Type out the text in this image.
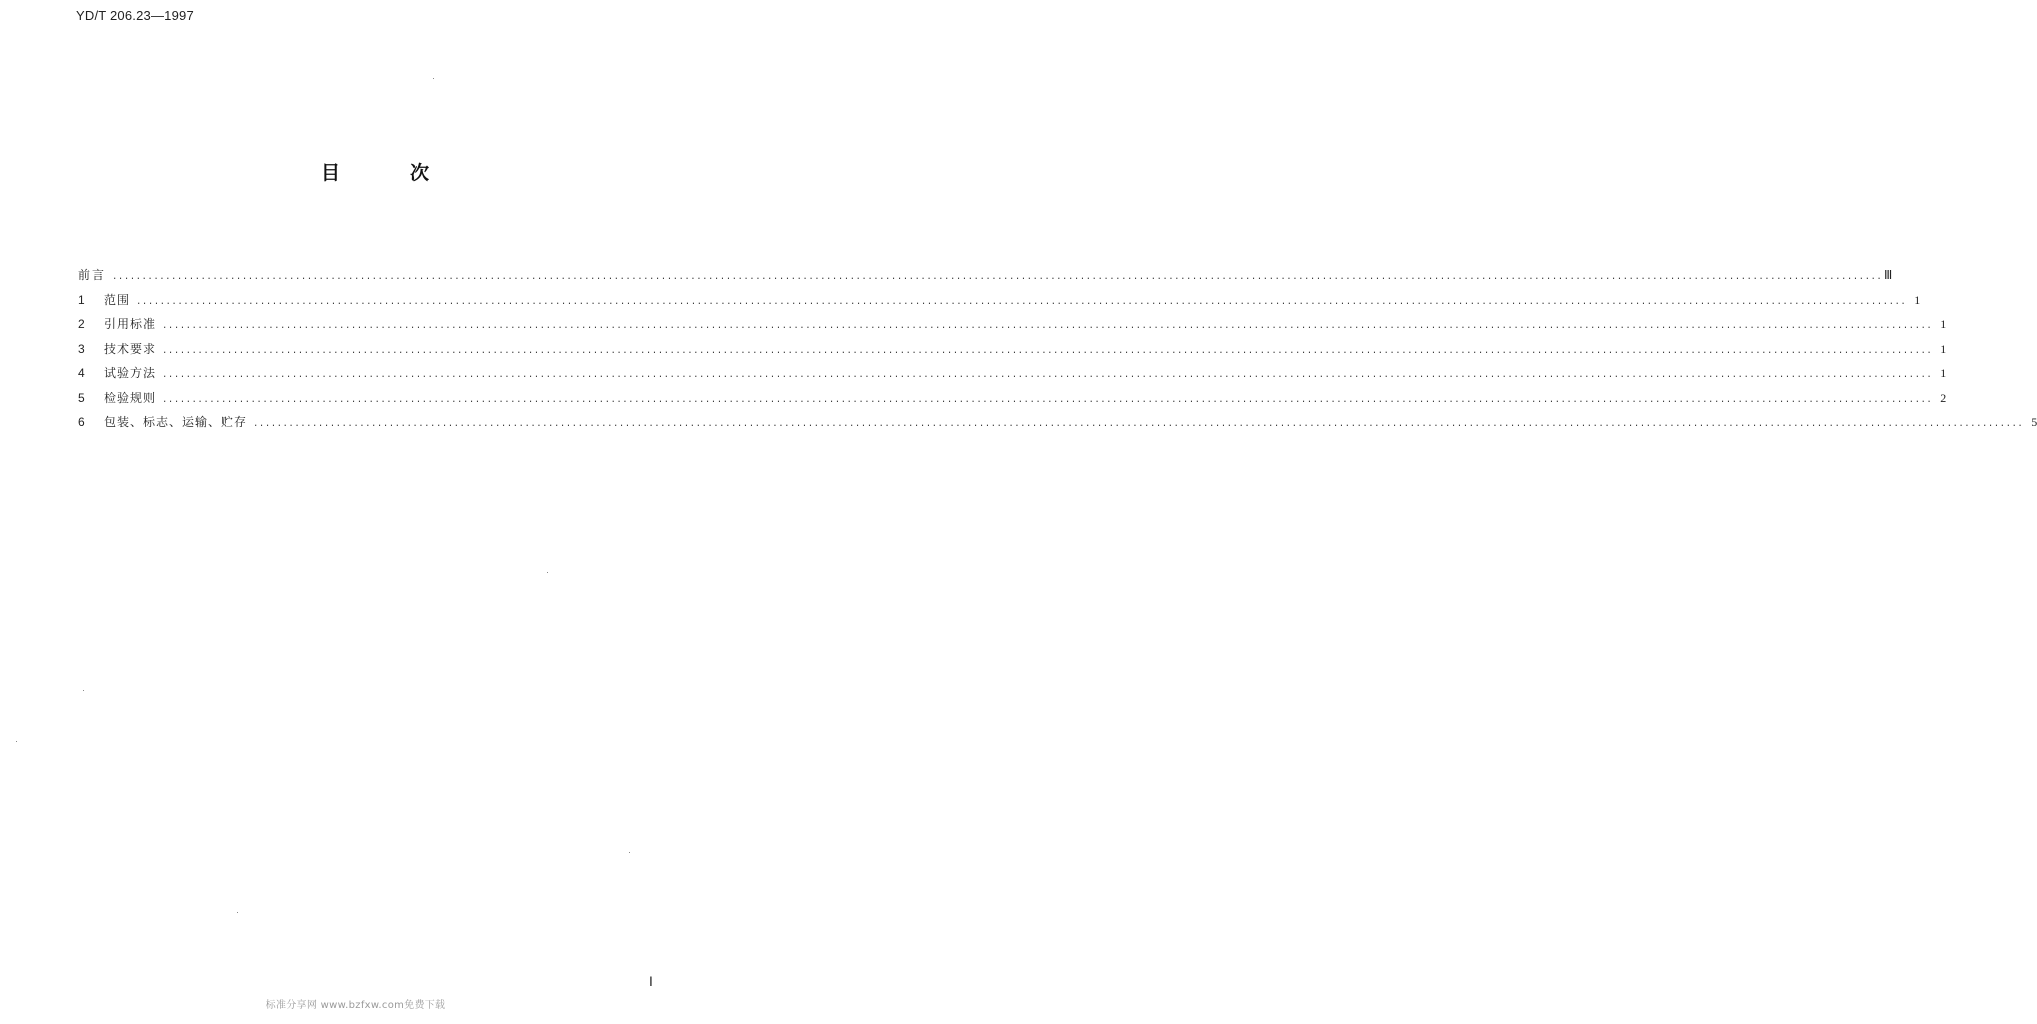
YD/T 206.23—1997
目	次
前言 ............................................................................................................................................................................................................................................................................................................ Ⅲ
1	范围 ............................................................................................................................................................................................................................................................................................................ 1
2	引用标准 ............................................................................................................................................................................................................................................................................................................ 1
3	技术要求 ............................................................................................................................................................................................................................................................................................................ 1
4	试验方法 ............................................................................................................................................................................................................................................................................................................ 1
5	检验规则 ............................................................................................................................................................................................................................................................................................................ 2
6	包装、标志、运输、贮存 ............................................................................................................................................................................................................................................................................................................ 5
Ⅰ
标准分享网 www.bzfxw.com免费下载
